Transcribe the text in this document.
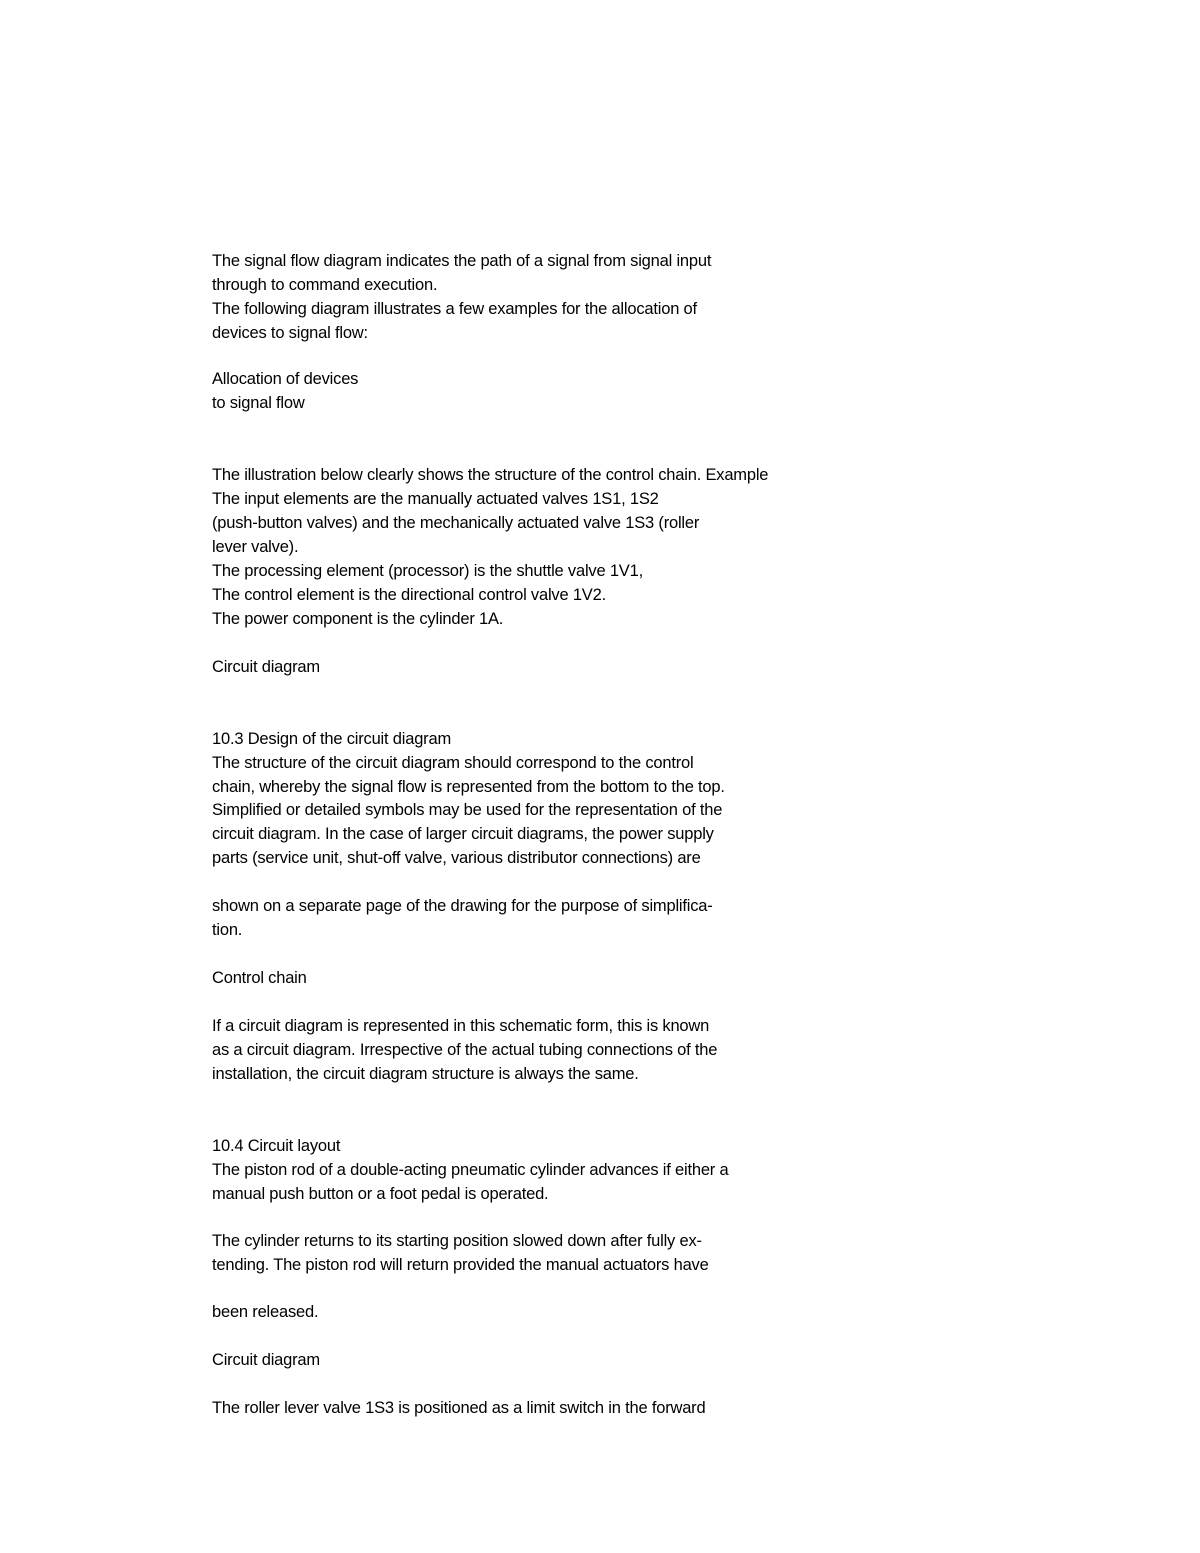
The signal flow diagram indicates the path of a signal from signal input
through to command execution.
The following diagram illustrates a few examples for the allocation of
devices to signal flow:
Allocation of devices
to signal flow
The illustration below clearly shows the structure of the control chain. Example
The input elements are the manually actuated valves 1S1, 1S2
(push-button valves) and the mechanically actuated valve 1S3 (roller
lever valve).
The processing element (processor) is the shuttle valve 1V1,
The control element is the directional control valve 1V2.
The power component is the cylinder 1A.
Circuit diagram
10.3 Design of the circuit diagram
The structure of the circuit diagram should correspond to the control
chain, whereby the signal flow is represented from the bottom to the top.
Simplified or detailed symbols may be used for the representation of the
circuit diagram. In the case of larger circuit diagrams, the power supply
parts (service unit, shut-off valve, various distributor connections) are
shown on a separate page of the drawing for the purpose of simplifica-
tion.
Control chain
If a circuit diagram is represented in this schematic form, this is known
as a circuit diagram. Irrespective of the actual tubing connections of the
installation, the circuit diagram structure is always the same.
10.4 Circuit layout
The piston rod of a double-acting pneumatic cylinder advances if either a
manual push button or a foot pedal is operated.
The cylinder returns to its starting position slowed down after fully ex-
tending. The piston rod will return provided the manual actuators have
been released.
Circuit diagram
The roller lever valve 1S3 is positioned as a limit switch in the forward
